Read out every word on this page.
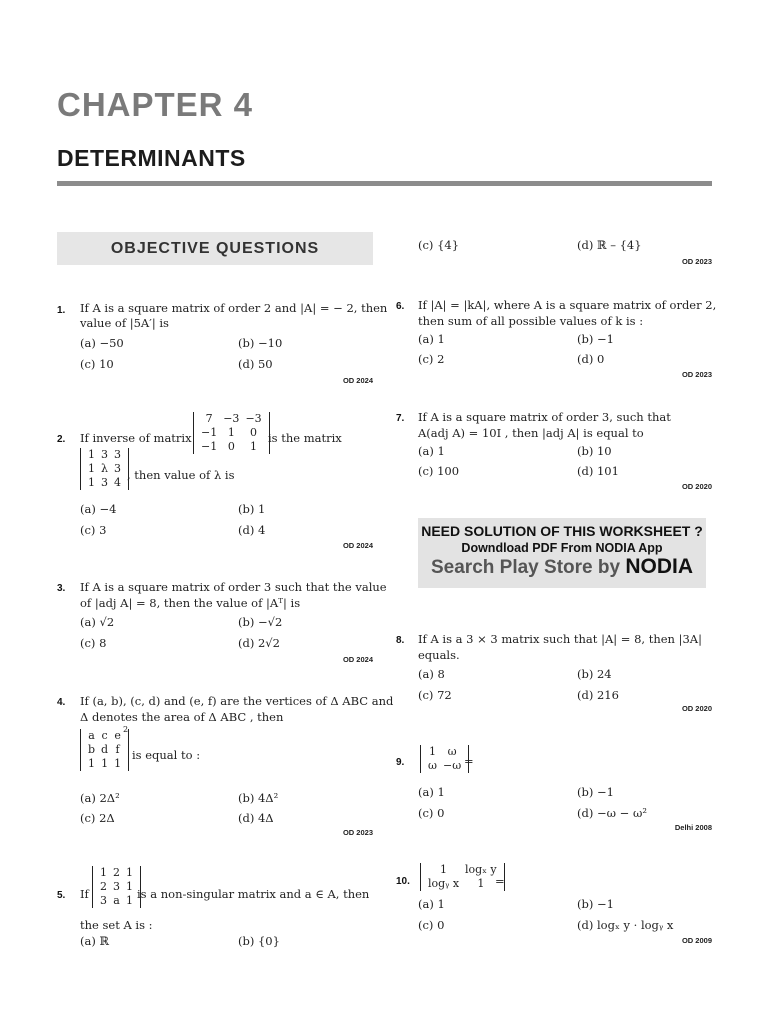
CHAPTER 4
DETERMINANTS
OBJECTIVE QUESTIONS
1. If A is a square matrix of order 2 and |A| = − 2, then
value of |5A′| is
(a) −50	(b) −10
(c) 10	(d) 50
OD 2024
2. If inverse of matrix
7	−3	−3
−1	1	0
−1	0	1
is the matrix
1	3	3
1	λ	3
1	3	4
, then value of λ is
(a) −4	(b) 1
(c) 3	(d) 4
OD 2024
3. If A is a square matrix of order 3 such that the value
of |adj A| = 8, then the value of |Aᵀ| is
(a) √2	(b) −√2
(c) 8	(d) 2√2
OD 2024
4. If (a, b), (c, d) and (e, f) are the vertices of Δ ABC and
Δ denotes the area of Δ ABC , then
a	c	e
b	d	f
1	1	1
2
is equal to :
(a) 2Δ²	(b) 4Δ²
(c) 2Δ	(d) 4Δ
OD 2023
5. If
1	2	1
2	3	1
3	a	1 is a non-singular matrix and a ∈ A, then
the set A is :
(a) ℝ	(b) {0}
(c) {4}	(d) ℝ – {4}
OD 2023
6. If |A| = |kA|, where A is a square matrix of order 2,
then sum of all possible values of k is :
(a) 1	(b) −1
(c) 2	(d) 0
OD 2023
7. If A is a square matrix of order 3, such that
A(adj A) = 10I , then |adj A| is equal to
(a) 1	(b) 10
(c) 100	(d) 101
OD 2020
NEED SOLUTION OF THIS WORKSHEET ?
Downdload PDF From NODIA App
Search Play Store by NODIA
8. If A is a 3 × 3 matrix such that |A| = 8, then |3A|
equals.
(a) 8	(b) 24
(c) 72	(d) 216
OD 2020
9.
1	ω
ω	−ω =
(a) 1	(b) −1
(c) 0	(d) −ω − ω²
Delhi 2008
10.
1	logₓ y
logᵧ x	1 =
(a) 1	(b) −1
(c) 0	(d) logₓ y · logᵧ x
OD 2009
